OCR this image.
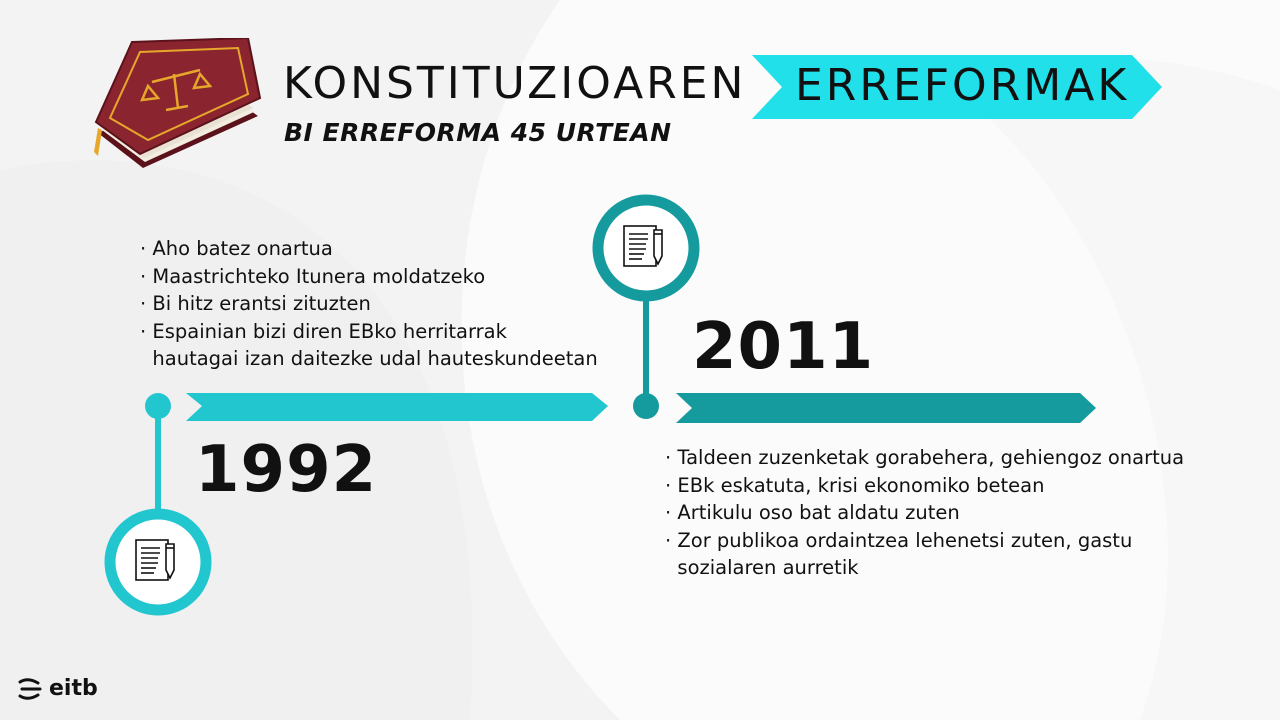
KONSTITUZIOAREN ERREFORMAK
BI ERREFORMA 45 URTEAN
· Aho batez onartua
· Maastrichteko Itunera moldatzeko
· Bi hitz erantsi zituzten
· Espainian bizi diren EBko herritarrak
hautagai izan daitezke udal hauteskundeetan
1992
2011
· Taldeen zuzenketak gorabehera, gehiengoz onartua
· EBk eskatuta, krisi ekonomiko betean
· Artikulu oso bat aldatu zuten
· Zor publikoa ordaintzea lehenetsi zuten, gastu
sozialaren aurretik
eitb
